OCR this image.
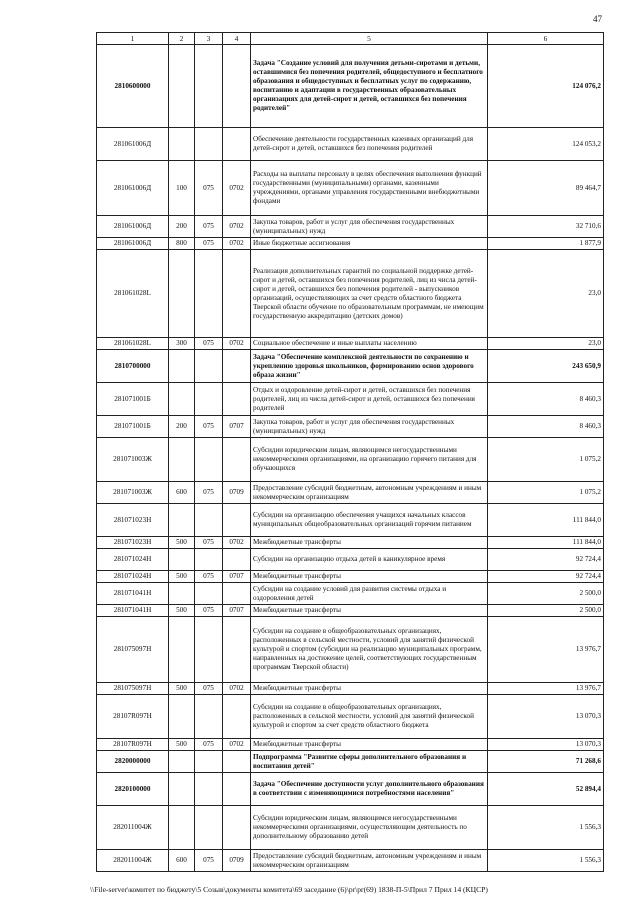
47
1	2	3	4	5	6
2810600000				Задача "Создание условий для получения детьми-сиротами и детьми, оставшимися без попечения родителей, общедоступного и бесплатного образования и общедоступных и бесплатных услуг по содержанию, воспитанию и адаптации в государственных образовательных организациях для детей-сирот и детей, оставшихся без попечения родителей"	124 076,2
281061006Д				Обеспечение деятельности государственных казенных организаций для детей-сирот и детей, оставшихся без попечения родителей	124 053,2
281061006Д	100	075	0702	Расходы на выплаты персоналу в целях обеспечения выполнения функций государственными (муниципальными) органами, казенными учреждениями, органами управления государственными внебюджетными фондами	89 464,7
281061006Д	200	075	0702	Закупка товаров, работ и услуг для обеспечения государственных (муниципальных) нужд	32 710,6
281061006Д	800	075	0702	Иные бюджетные ассигнования	1 877,9
281061028L				Реализация дополнительных гарантий по социальной поддержке детей-сирот и детей, оставшихся без попечения родителей, лиц из числа детей-сирот и детей, оставшихся без попечения родителей - выпускников организаций, осуществляющих за счет средств областного бюджета Тверской области обучение по образовательным программам, не имеющим государственную аккредитацию (детских домов)	23,0
281061028L	300	075	0702	Социальное обеспечение и иные выплаты населению	23,0
2810700000				Задача "Обеспечение комплексной деятельности по сохранению и укреплению здоровья школьников, формированию основ здорового образа жизни"	243 650,9
281071001Б				Отдых и оздоровление детей-сирот и детей, оставшихся без попечения родителей, лиц из числа детей-сирот и детей, оставшихся без попечения родителей	8 460,3
281071001Б	200	075	0707	Закупка товаров, работ и услуг для обеспечения государственных (муниципальных) нужд	8 460,3
281071003Ж				Субсидии юридическим лицам, являющимся негосударственными некоммерческими организациями, на организацию горячего питания для обучающихся	1 075,2
281071003Ж	600	075	0709	Предоставление субсидий бюджетным, автономным учреждениям и иным некоммерческим организациям	1 075,2
281071023Н				Субсидии на организацию обеспечения учащихся начальных классов муниципальных общеобразовательных организаций горячим питанием	111 844,0
281071023Н	500	075	0702	Межбюджетные трансферты	111 844,0
281071024Н				Субсидии на организацию отдыха детей в каникулярное время	92 724,4
281071024Н	500	075	0707	Межбюджетные трансферты	92 724,4
281071041Н				Субсидии на создание условий для развития системы отдыха и оздоровления детей	2 500,0
281071041Н	500	075	0707	Межбюджетные трансферты	2 500,0
281075097Н				Субсидии на создание в общеобразовательных организациях, расположенных в сельской местности, условий для занятий физической культурой и спортом (субсидии на реализацию муниципальных программ, направленных на достижение целей, соответствующих государственным программам Тверской области)	13 976,7
281075097Н	500	075	0702	Межбюджетные трансферты	13 976,7
28107R097Н				Субсидии на создание в общеобразовательных организациях, расположенных в сельской местности, условий для занятий физической культурой и спортом за счет средств областного бюджета	13 070,3
28107R097Н	500	075	0702	Межбюджетные трансферты	13 070,3
2820000000				Подпрограмма "Развитие сферы дополнительного образования и воспитания детей"	71 268,6
2820100000				Задача "Обеспечение доступности услуг дополнительного образования в соответствии с изменяющимися потребностями населения"	52 894,4
282011004Ж				Субсидии юридическим лицам, являющимся негосударственными некоммерческими организациями, осуществляющим деятельность по дополнительному образованию детей	1 556,3
282011004Ж	600	075	0709	Предоставление субсидий бюджетным, автономным учреждениям и иным некоммерческим организациям	1 556,3
\\File-server\комитет по бюджету\5 Созыв\документы комитета\69 заседание (6)\pr\pr(69) 1838-П-5\Прил 7 Прил 14 (КЦСР)
